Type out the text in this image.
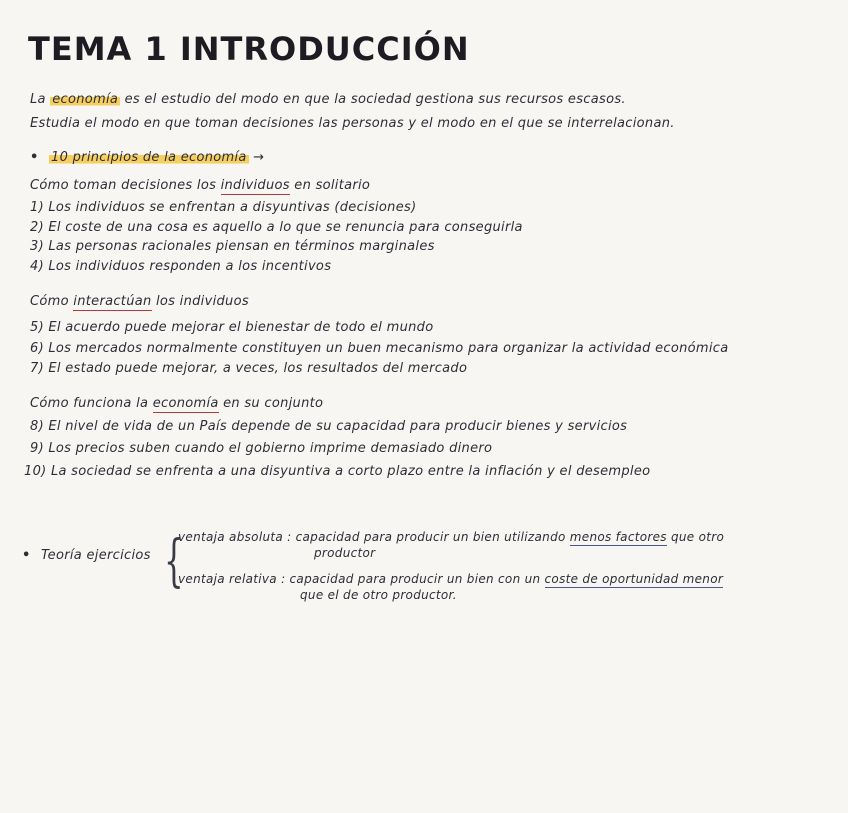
TEMA 1 INTRODUCCIÓN
La economía es el estudio del modo en que la sociedad gestiona sus recursos escasos.
Estudia el modo en que toman decisiones las personas y el modo en el que se interrelacionan.
• 10 principios de la economía →
Cómo toman decisiones los individuos en solitario
1) Los individuos se enfrentan a disyuntivas (decisiones)
2) El coste de una cosa es aquello a lo que se renuncia para conseguirla
3) Las personas racionales piensan en términos marginales
4) Los individuos responden a los incentivos
Cómo interactúan los individuos
5) El acuerdo puede mejorar el bienestar de todo el mundo
6) Los mercados normalmente constituyen un buen mecanismo para organizar la actividad económica
7) El estado puede mejorar, a veces, los resultados del mercado
Cómo funciona la economía en su conjunto
8) El nivel de vida de un País depende de su capacidad para producir bienes y servicios
9) Los precios suben cuando el gobierno imprime demasiado dinero
10) La sociedad se enfrenta a una disyuntiva a corto plazo entre la inflación y el desempleo
• Teoría ejercicios {
ventaja absoluta : capacidad para producir un bien utilizando menos factores que otro
productor
ventaja relativa : capacidad para producir un bien con un coste de oportunidad menor
que el de otro productor.
